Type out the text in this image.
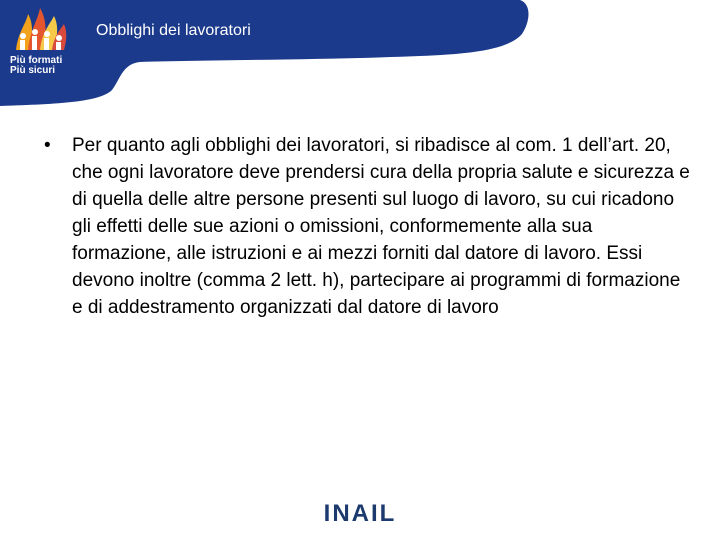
Più formati
Più sicuri
Obblighi dei lavoratori
• Per quanto agli obblighi dei lavoratori, si ribadisce al com. 1 dell’art. 20, che ogni lavoratore deve prendersi cura della propria salute e sicurezza e di quella delle altre persone presenti sul luogo di lavoro, su cui ricadono gli effetti delle sue azioni o omissioni, conformemente alla sua formazione, alle istruzioni e ai mezzi forniti dal datore di lavoro. Essi devono inoltre (comma 2 lett. h), partecipare ai programmi di formazione e di addestramento organizzati dal datore di lavoro
INAIL
